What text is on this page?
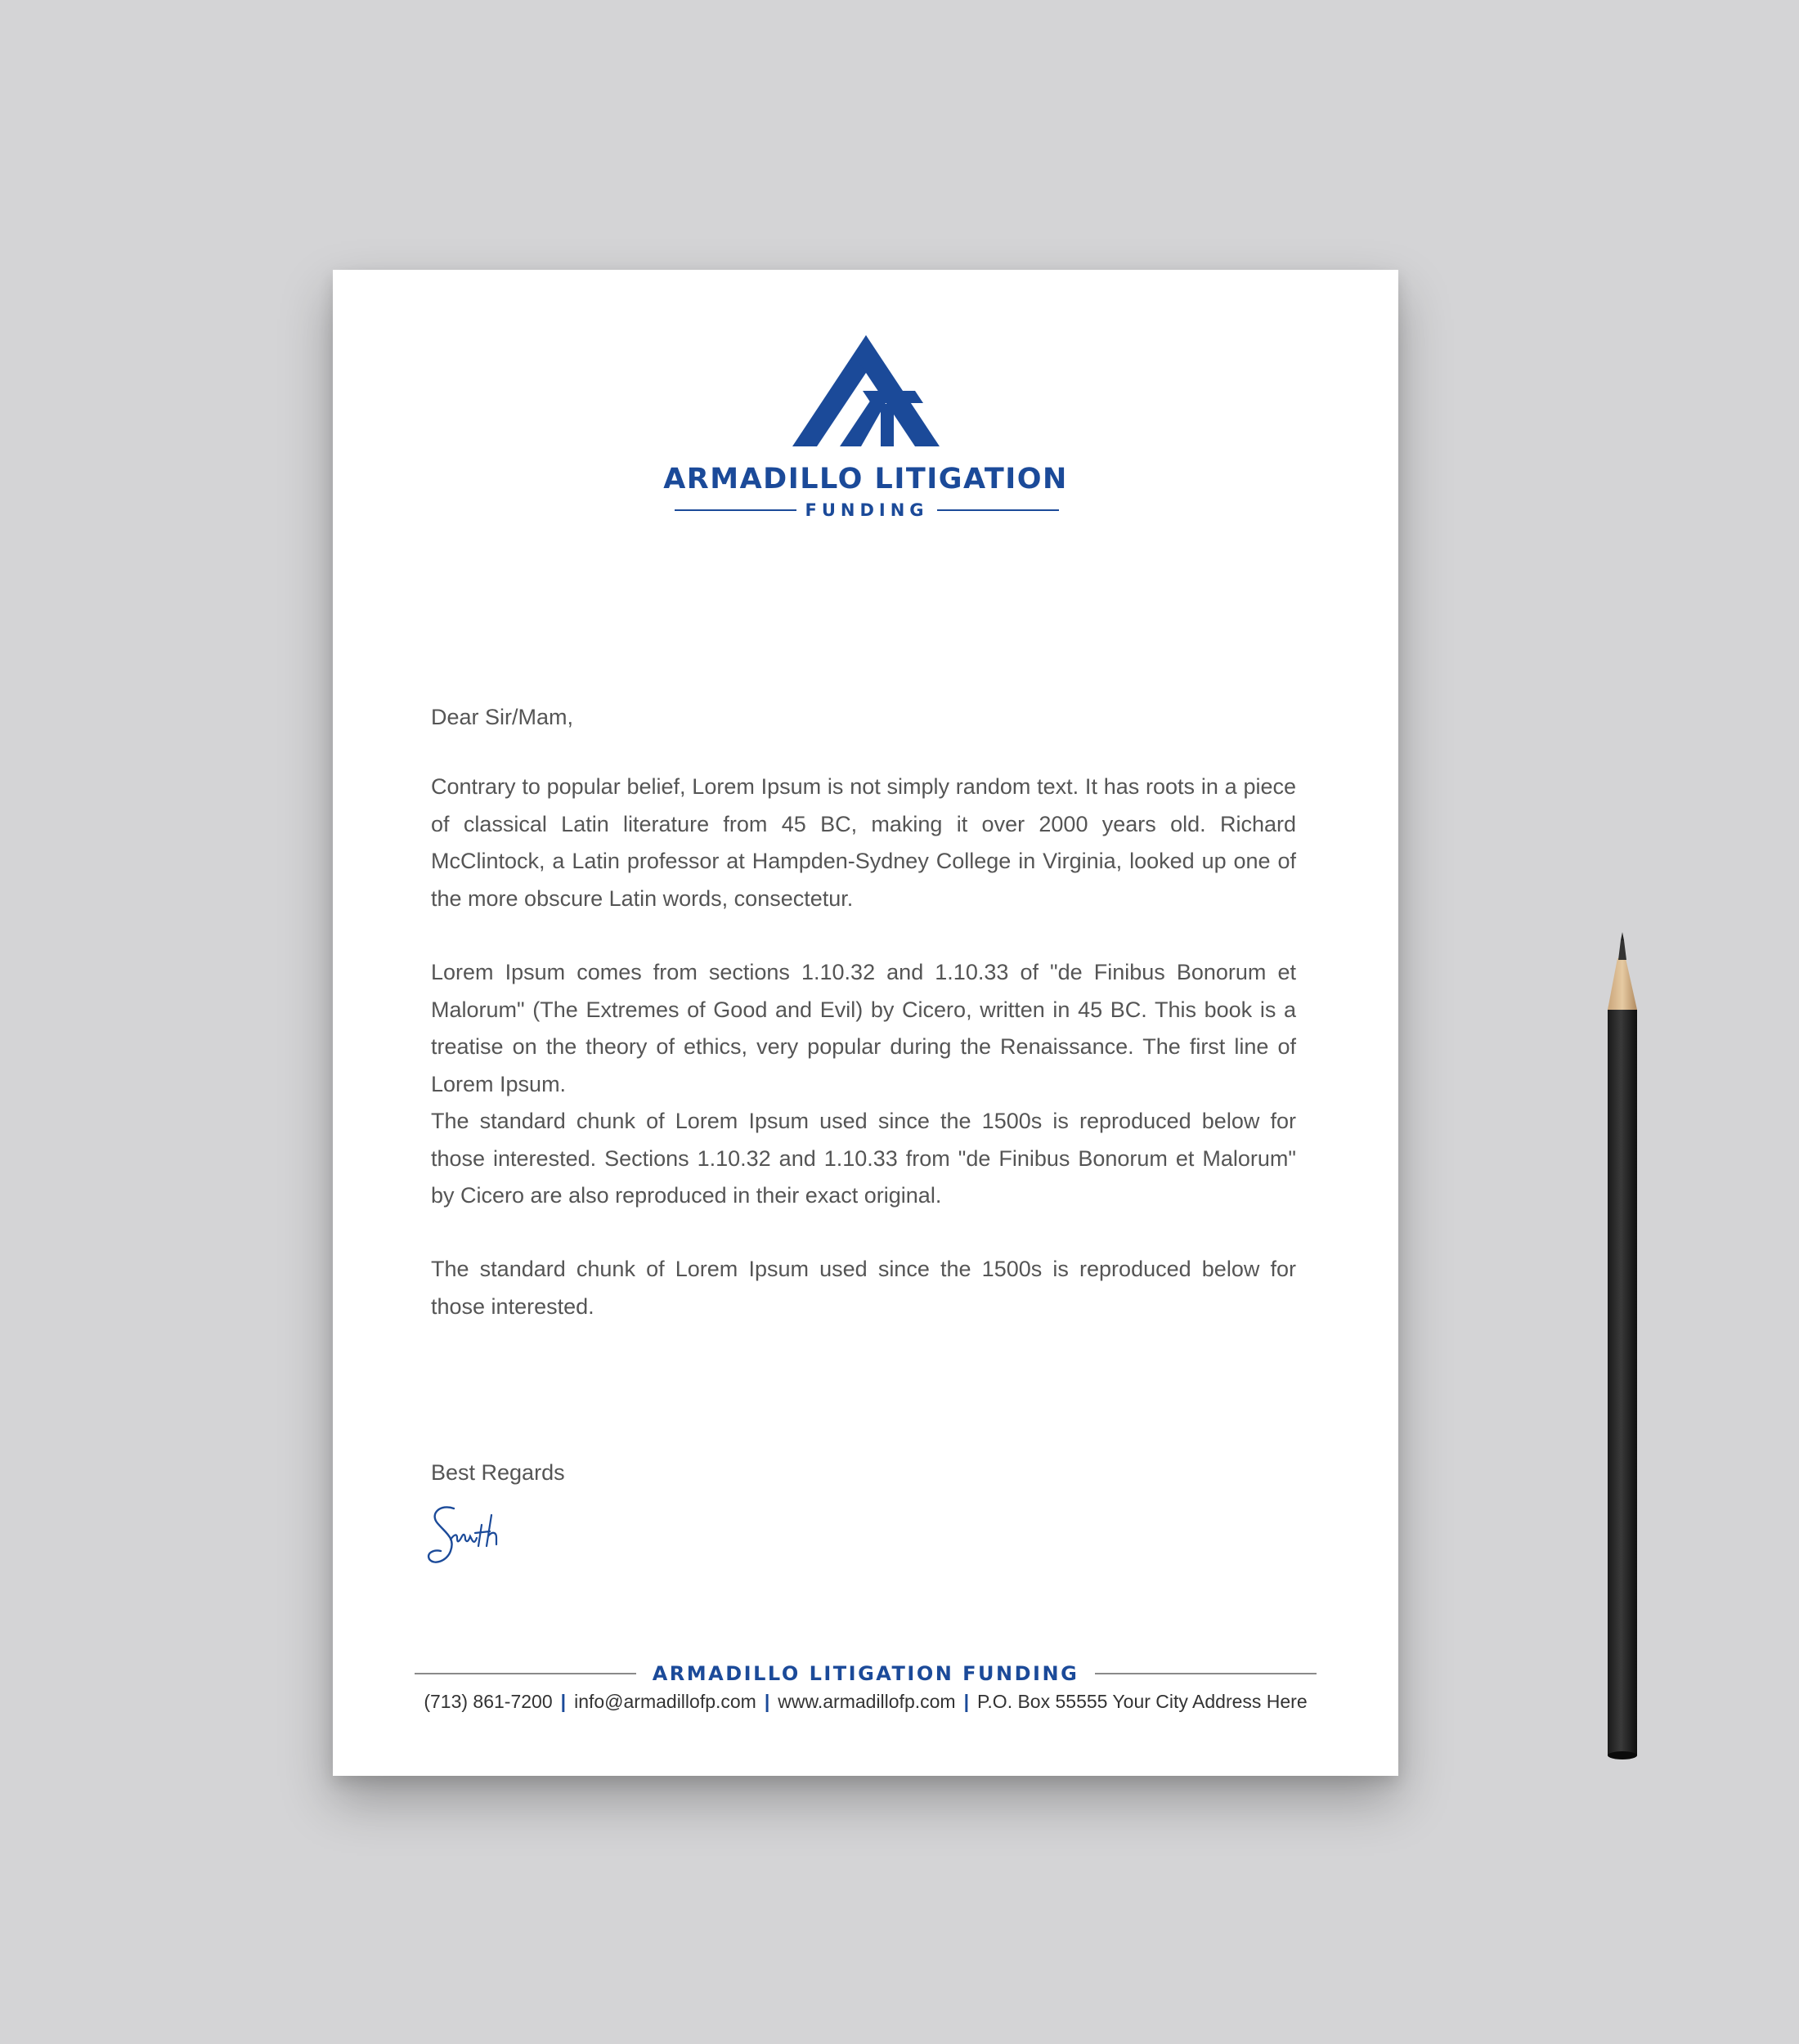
ARMADILLO LITIGATION
FUNDING
Dear Sir/Mam,
Contrary to popular belief, Lorem Ipsum is not simply random text. It has roots in a piece of classical Latin literature from 45 BC, making it over 2000 years old. Richard McClintock, a Latin professor at Hampden-Sydney College in Virginia, looked up one of the more obscure Latin words, consectetur.
Lorem Ipsum comes from sections 1.10.32 and 1.10.33 of "de Finibus Bonorum et Malorum" (The Extremes of Good and Evil) by Cicero, written in 45 BC. This book is a treatise on the theory of ethics, very popular during the Renaissance. The first line of Lorem Ipsum.
The standard chunk of Lorem Ipsum used since the 1500s is reproduced below for those interested. Sections 1.10.32 and 1.10.33 from "de Finibus Bonorum et Malorum" by Cicero are also reproduced in their exact original.
The standard chunk of Lorem Ipsum used since the 1500s is reproduced below for those interested.
Best Regards
ARMADILLO LITIGATION FUNDING
(713) 861-7200 | info@armadillofp.com | www.armadillofp.com | P.O. Box 55555 Your City Address Here
